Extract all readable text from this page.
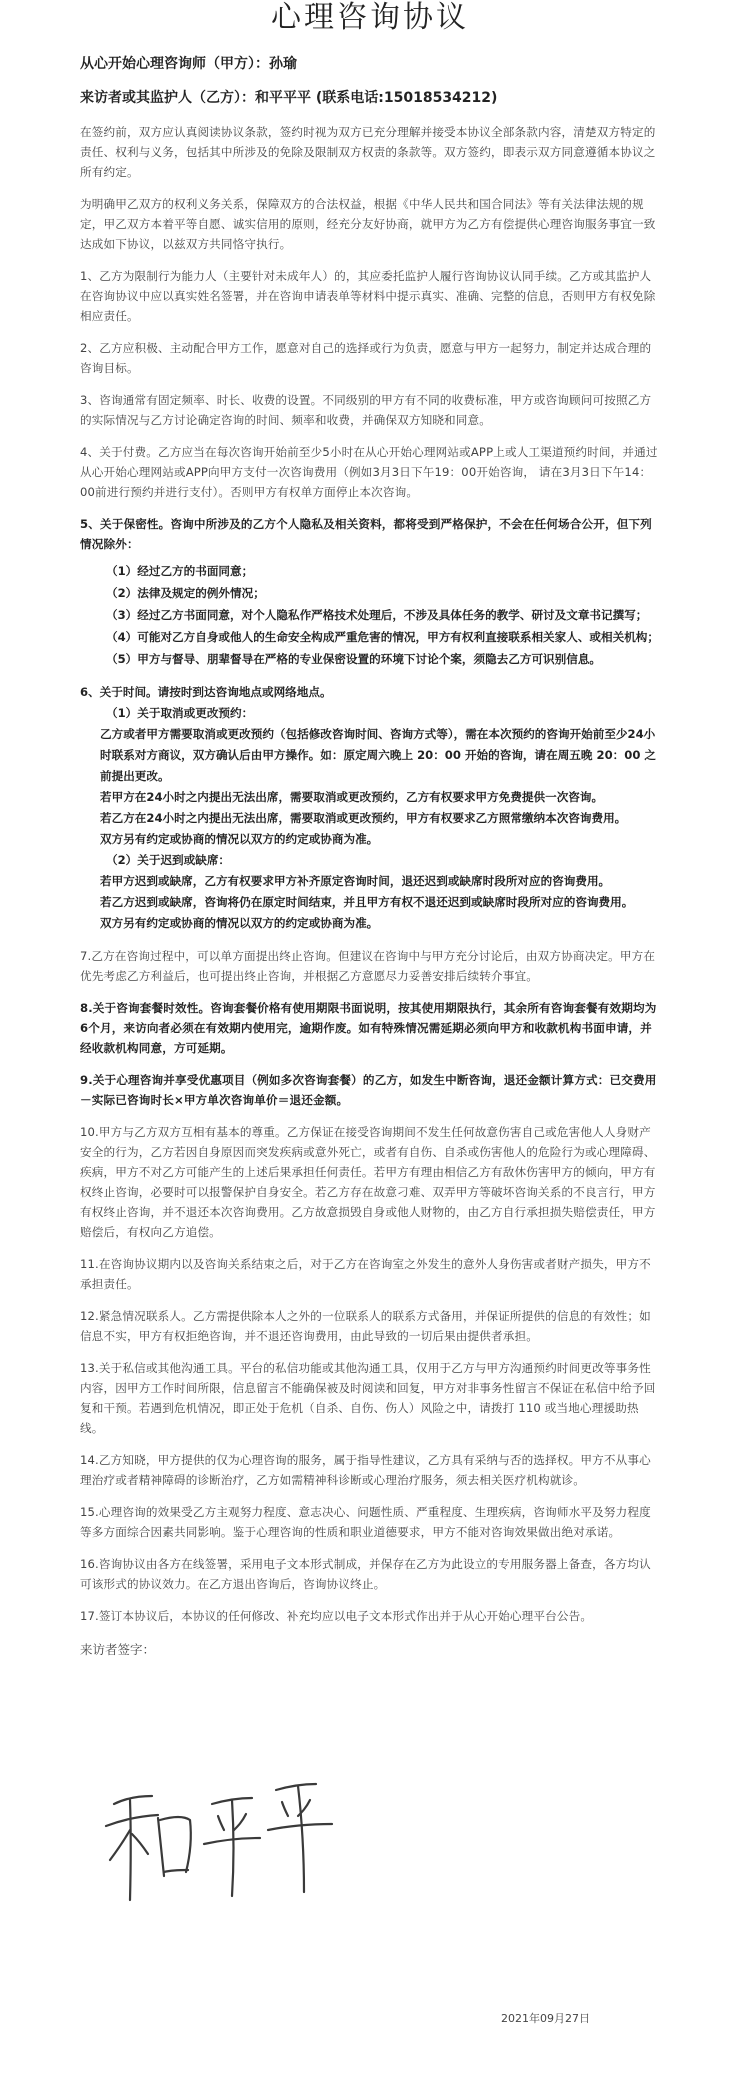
心理咨询协议
从心开始心理咨询师（甲方）：孙瑜
来访者或其监护人（乙方）：和平平平 (联系电话:15018534212)
在签约前，双方应认真阅读协议条款，签约时视为双方已充分理解并接受本协议全部条款内容，清楚双方特定的责任、权利与义务，包括其中所涉及的免除及限制双方权责的条款等。双方签约，即表示双方同意遵循本协议之所有约定。
为明确甲乙双方的权利义务关系，保障双方的合法权益，根据《中华人民共和国合同法》等有关法律法规的规定，甲乙双方本着平等自愿、诚实信用的原则，经充分友好协商，就甲方为乙方有偿提供心理咨询服务事宜一致达成如下协议，以兹双方共同恪守执行。
1、乙方为限制行为能力人（主要针对未成年人）的，其应委托监护人履行咨询协议认同手续。乙方或其监护人在咨询协议中应以真实姓名签署，并在咨询申请表单等材料中提示真实、准确、完整的信息，否则甲方有权免除相应责任。
2、乙方应积极、主动配合甲方工作，愿意对自己的选择或行为负责，愿意与甲方一起努力，制定并达成合理的咨询目标。
3、咨询通常有固定频率、时长、收费的设置。不同级别的甲方有不同的收费标准，甲方或咨询顾问可按照乙方的实际情况与乙方讨论确定咨询的时间、频率和收费，并确保双方知晓和同意。
4、关于付费。乙方应当在每次咨询开始前至少5小时在从心开始心理网站或APP上或人工渠道预约时间，并通过从心开始心理网站或APP向甲方支付一次咨询费用（例如3月3日下午19：00开始咨询， 请在3月3日下午14：00前进行预约并进行支付）。否则甲方有权单方面停止本次咨询。
5、关于保密性。咨询中所涉及的乙方个人隐私及相关资料，都将受到严格保护，不会在任何场合公开，但下列情况除外：
（1）经过乙方的书面同意；
（2）法律及规定的例外情况；
（3）经过乙方书面同意，对个人隐私作严格技术处理后，不涉及具体任务的教学、研讨及文章书记撰写；
（4）可能对乙方自身或他人的生命安全构成严重危害的情况，甲方有权利直接联系相关家人、或相关机构；
（5）甲方与督导、朋辈督导在严格的专业保密设置的环境下讨论个案，须隐去乙方可识别信息。
6、关于时间。请按时到达咨询地点或网络地点。
（1）关于取消或更改预约：
乙方或者甲方需要取消或更改预约（包括修改咨询时间、咨询方式等），需在本次预约的咨询开始前至少24小时联系对方商议，双方确认后由甲方操作。如：原定周六晚上 20：00 开始的咨询，请在周五晚 20：00 之前提出更改。
若甲方在24小时之内提出无法出席，需要取消或更改预约，乙方有权要求甲方免费提供一次咨询。
若乙方在24小时之内提出无法出席，需要取消或更改预约，甲方有权要求乙方照常缴纳本次咨询费用。
双方另有约定或协商的情况以双方的约定或协商为准。
（2）关于迟到或缺席：
若甲方迟到或缺席，乙方有权要求甲方补齐原定咨询时间，退还迟到或缺席时段所对应的咨询费用。
若乙方迟到或缺席，咨询将仍在原定时间结束，并且甲方有权不退还迟到或缺席时段所对应的咨询费用。
双方另有约定或协商的情况以双方的约定或协商为准。
7.乙方在咨询过程中，可以单方面提出终止咨询。但建议在咨询中与甲方充分讨论后，由双方协商决定。甲方在优先考虑乙方利益后，也可提出终止咨询，并根据乙方意愿尽力妥善安排后续转介事宜。
8.关于咨询套餐时效性。咨询套餐价格有使用期限书面说明，按其使用期限执行，其余所有咨询套餐有效期均为6个月，来访向者必须在有效期内使用完，逾期作废。如有特殊情况需延期必须向甲方和收款机构书面申请，并经收款机构同意，方可延期。
9.关于心理咨询并享受优惠项目（例如多次咨询套餐）的乙方，如发生中断咨询，退还金额计算方式：已交费用－实际已咨询时长×甲方单次咨询单价＝退还金额。
10.甲方与乙方双方互相有基本的尊重。乙方保证在接受咨询期间不发生任何故意伤害自己或危害他人人身财产安全的行为，乙方若因自身原因而突发疾病或意外死亡，或者有自伤、自杀或伤害他人的危险行为或心理障碍、疾病，甲方不对乙方可能产生的上述后果承担任何责任。若甲方有理由相信乙方有敌休伤害甲方的倾向，甲方有权终止咨询，必要时可以报警保护自身安全。若乙方存在故意刁难、双弄甲方等破坏咨询关系的不良言行，甲方有权终止咨询，并不退还本次咨询费用。乙方故意损毁自身或他人财物的，由乙方自行承担损失赔偿责任，甲方赔偿后，有权向乙方追偿。
11.在咨询协议期内以及咨询关系结束之后，对于乙方在咨询室之外发生的意外人身伤害或者财产损失，甲方不承担责任。
12.紧急情况联系人。乙方需提供除本人之外的一位联系人的联系方式备用，并保证所提供的信息的有效性；如信息不实，甲方有权拒绝咨询，并不退还咨询费用，由此导致的一切后果由提供者承担。
13.关于私信或其他沟通工具。平台的私信功能或其他沟通工具，仅用于乙方与甲方沟通预约时间更改等事务性内容，因甲方工作时间所限，信息留言不能确保被及时阅读和回复，甲方对非事务性留言不保证在私信中给予回复和干预。若遇到危机情况，即正处于危机（自杀、自伤、伤人）风险之中，请拨打 110 或当地心理援助热线。
14.乙方知晓，甲方提供的仅为心理咨询的服务，属于指导性建议，乙方具有采纳与否的选择权。甲方不从事心理治疗或者精神障碍的诊断治疗，乙方如需精神科诊断或心理治疗服务，须去相关医疗机构就诊。
15.心理咨询的效果受乙方主观努力程度、意志决心、问题性质、严重程度、生理疾病，咨询师水平及努力程度等多方面综合因素共同影响。鉴于心理咨询的性质和职业道德要求，甲方不能对咨询效果做出绝对承诺。
16.咨询协议由各方在线签署，采用电子文本形式制成，并保存在乙方为此设立的专用服务器上备查，各方均认可该形式的协议效力。在乙方退出咨询后，咨询协议终止。
17.签订本协议后，本协议的任何修改、补充均应以电子文本形式作出并于从心开始心理平台公告。
来访者签字：
2021年09月27日
